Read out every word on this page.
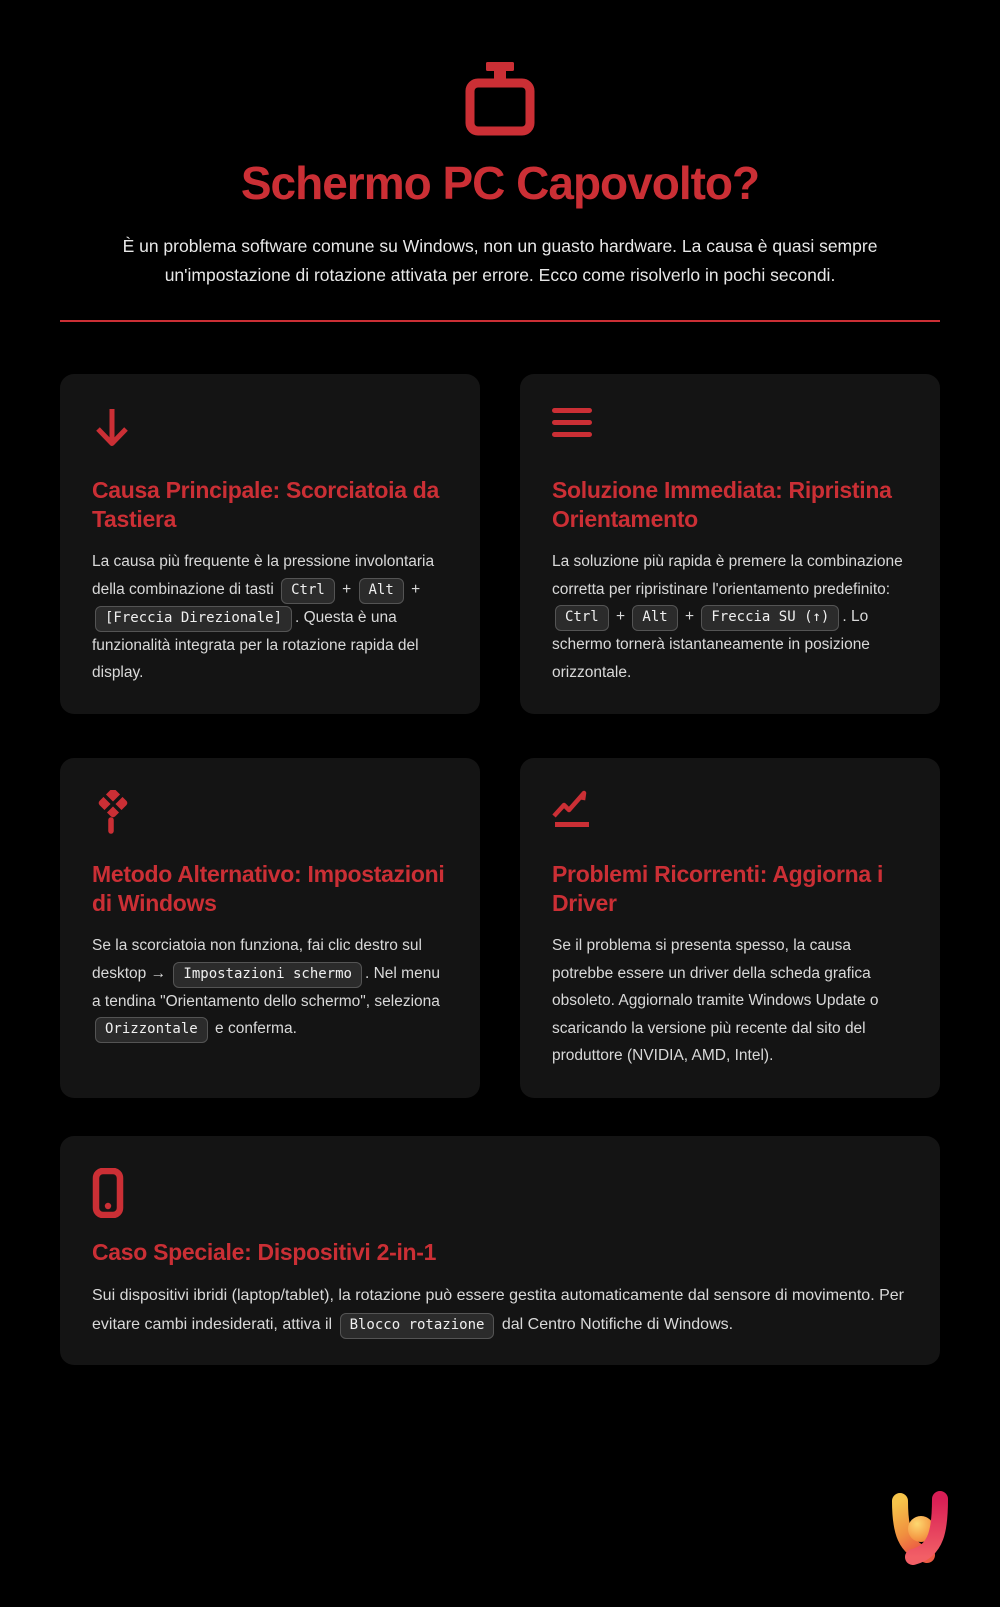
Schermo PC Capovolto?

È un problema software comune su Windows, non un guasto hardware. La causa è quasi sempre un'impostazione di rotazione attivata per errore. Ecco come risolverlo in pochi secondi.

Causa Principale: Scorciatoia da Tastiera

La causa più frequente è la pressione involontaria della combinazione di tasti Ctrl + Alt + [Freccia Direzionale] . Questa è una funzionalità integrata per la rotazione rapida del display.

Soluzione Immediata: Ripristina Orientamento

La soluzione più rapida è premere la combinazione corretta per ripristinare l'orientamento predefinito: Ctrl + Alt + Freccia SU (↑) . Lo schermo tornerà istantaneamente in posizione orizzontale.

Metodo Alternativo: Impostazioni di Windows

Se la scorciatoia non funziona, fai clic destro sul desktop → Impostazioni schermo . Nel menu a tendina "Orientamento dello schermo", seleziona Orizzontale e conferma.

Problemi Ricorrenti: Aggiorna i Driver

Se il problema si presenta spesso, la causa potrebbe essere un driver della scheda grafica obsoleto. Aggiornalo tramite Windows Update o scaricando la versione più recente dal sito del produttore (NVIDIA, AMD, Intel).

Caso Speciale: Dispositivi 2-in-1

Sui dispositivi ibridi (laptop/tablet), la rotazione può essere gestita automaticamente dal sensore di movimento. Per evitare cambi indesiderati, attiva il Blocco rotazione dal Centro Notifiche di Windows.
